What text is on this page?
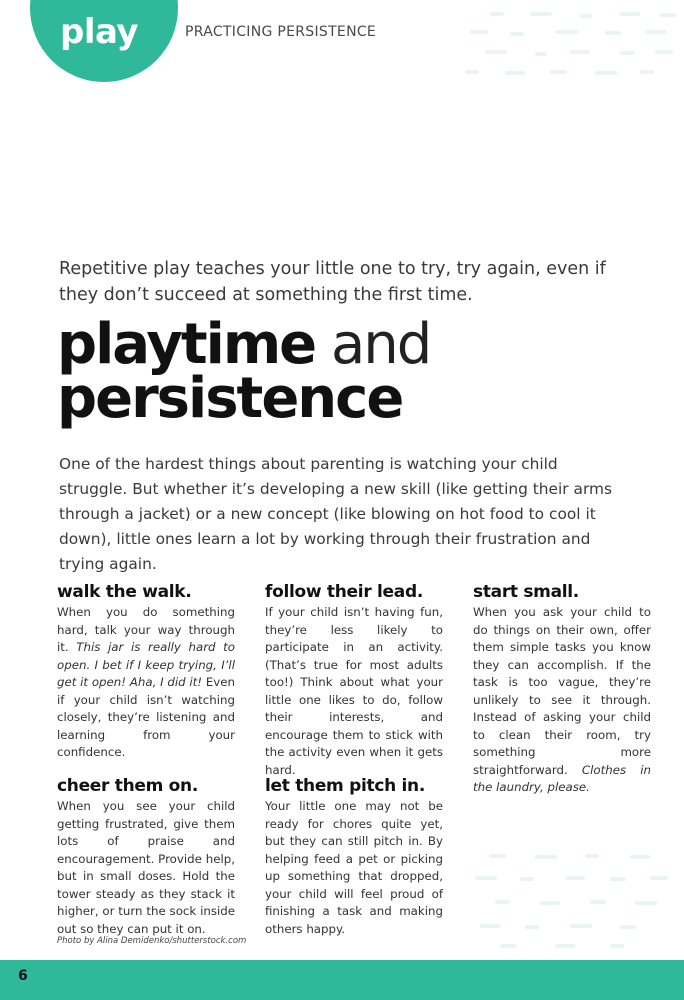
play	PRACTICING PERSISTENCE
Repetitive play teaches your little one to try, try again, even if they don’t succeed at something the first time.
playtime and
persistence
One of the hardest things about parenting is watching your child struggle. But whether it’s developing a new skill (like getting their arms through a jacket) or a new concept (like blowing on hot food to cool it down), little ones learn a lot by working through their frustration and trying again.
walk the walk.

When you do something hard, talk your way through it. This jar is really hard to open. I bet if I keep trying, I’ll get it open! Aha, I did it! Even if your child isn’t watching closely, they’re listening and learning from your confidence.

follow their lead.

If your child isn’t having fun, they’re less likely to participate in an activity. (That’s true for most adults too!) Think about what your little one likes to do, follow their interests, and encourage them to stick with the activity even when it gets hard.

start small.

When you ask your child to do things on their own, offer them simple tasks you know they can accomplish. If the task is too vague, they’re unlikely to see it through. Instead of asking your child to clean their room, try something more straightforward. Clothes in the laundry, please.

cheer them on.

When you see your child getting frustrated, give them lots of praise and encouragement. Provide help, but in small doses. Hold the tower steady as they stack it higher, or turn the sock inside out so they can put it on.

let them pitch in.

Your little one may not be ready for chores quite yet, but they can still pitch in. By helping feed a pet or picking up something that dropped, your child will feel proud of finishing a task and making others happy.

Photo by Alina Demidenko/shutterstock.com
6
